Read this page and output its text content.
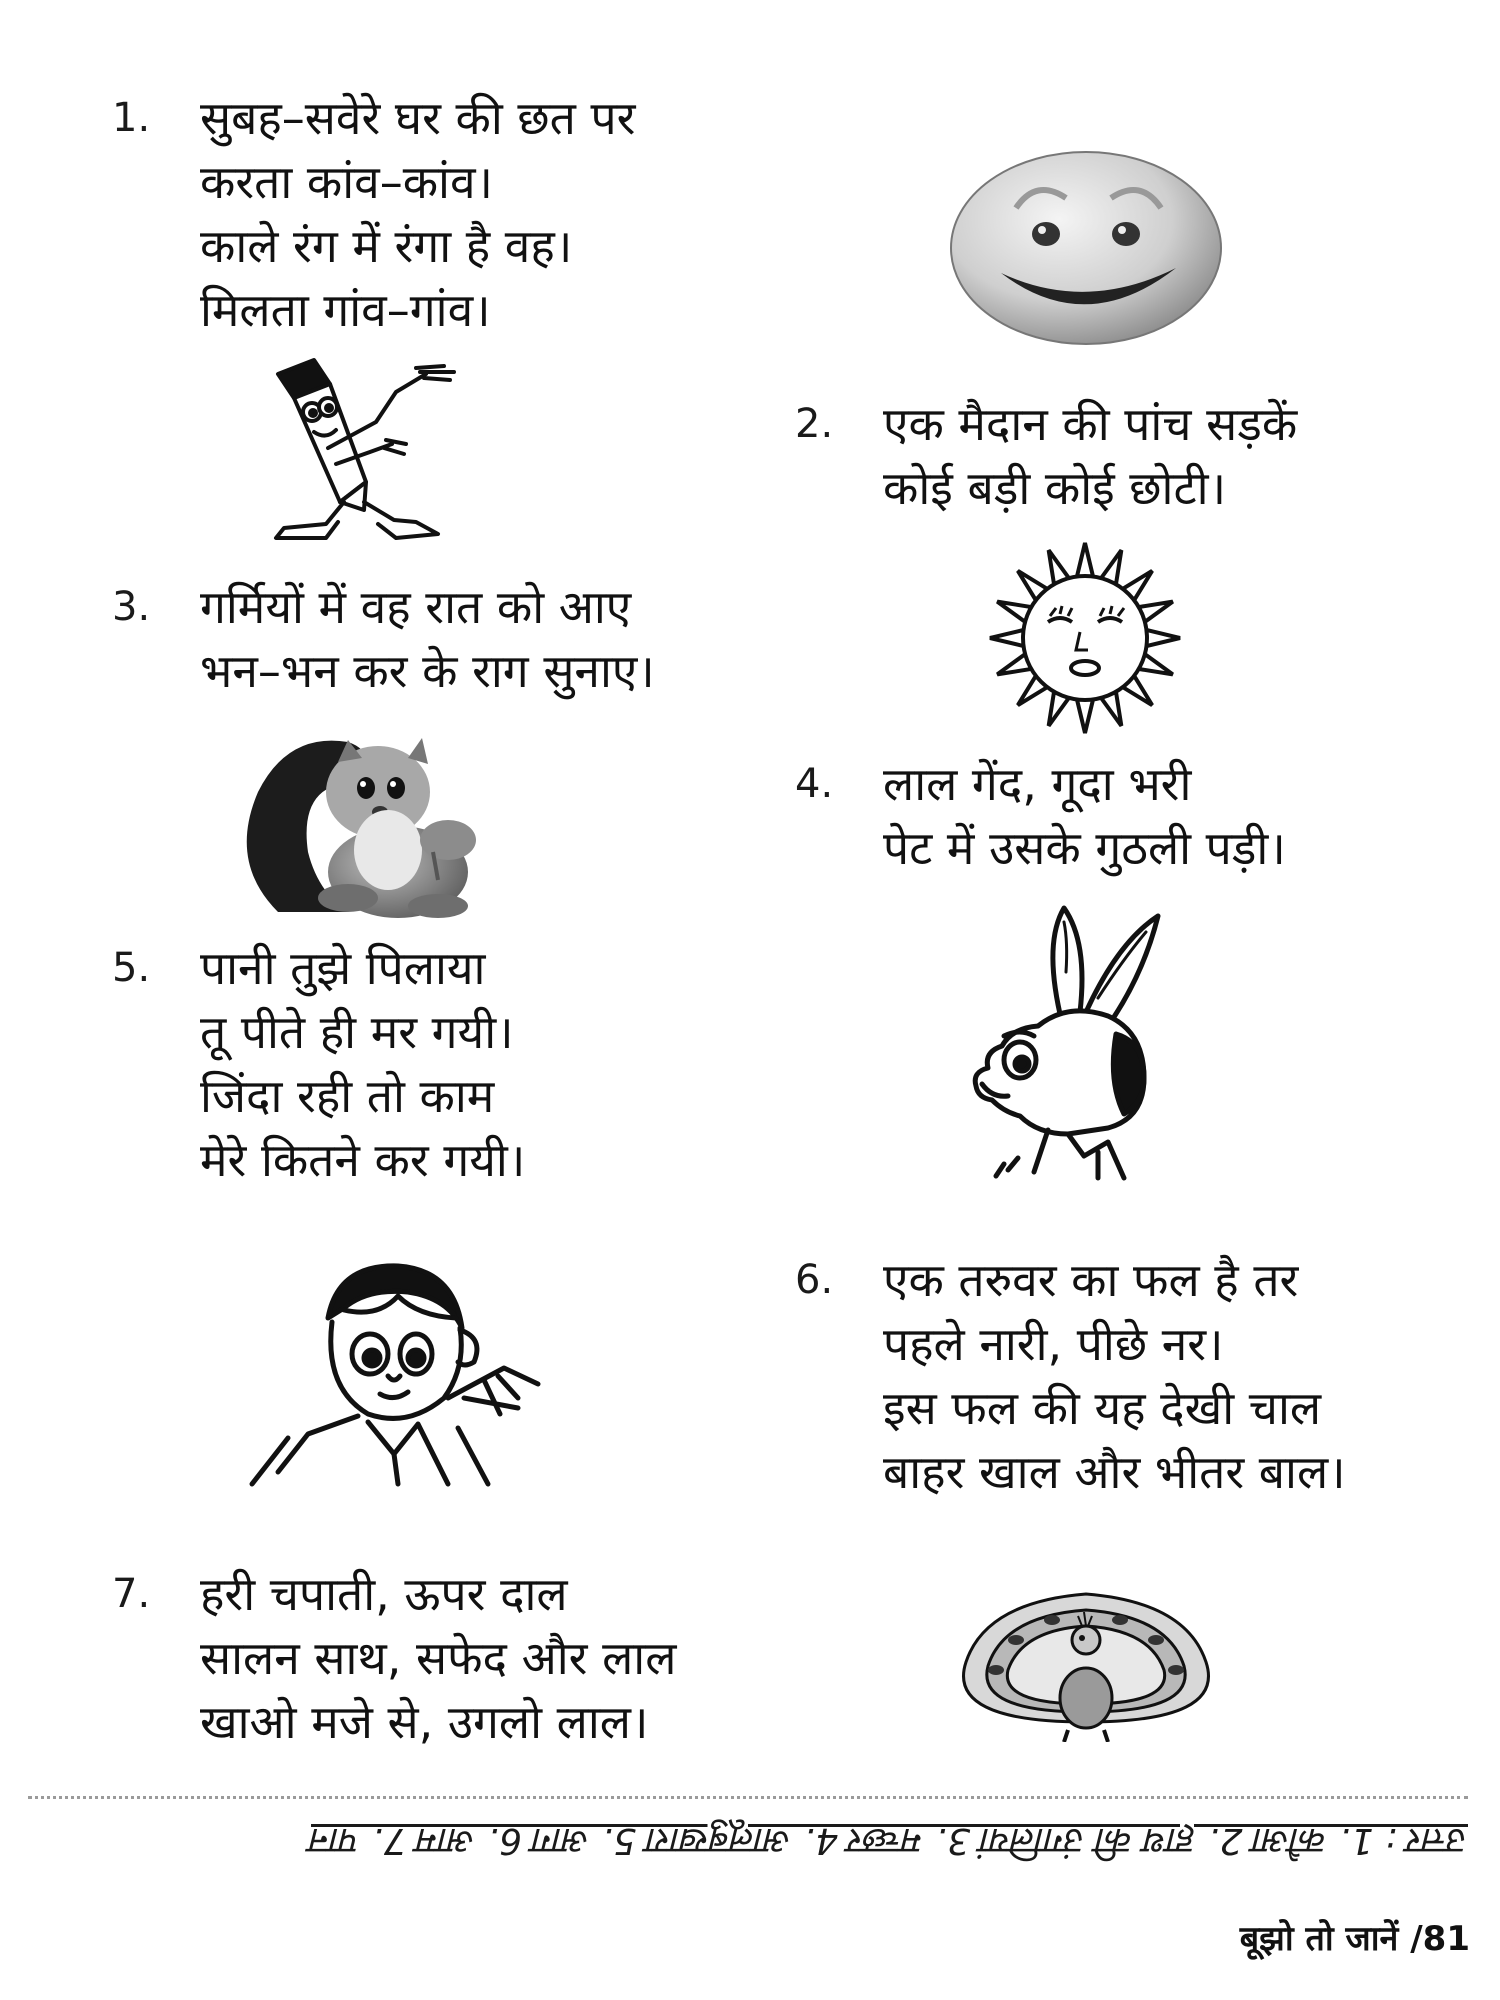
1. सुबह–सवेरे घर की छत पर
करता कांव–कांव।
काले रंग में रंगा है वह।
मिलता गांव–गांव।
2. एक मैदान की पांच सड़कें
कोई बड़ी कोई छोटी।
3. गर्मियों में वह रात को आए
भन–भन कर के राग सुनाए।
4. लाल गेंद, गूदा भरी
पेट में उसके गुठली पड़ी।
5. पानी तुझे पिलाया
तू पीते ही मर गयी।
जिंदा रही तो काम
मेरे कितने कर गयी।
6. एक तरुवर का फल है तर
पहले नारी, पीछे नर।
इस फल की यह देखी चाल
बाहर खाल और भीतर बाल।
7. हरी चपाती, ऊपर दाल
सालन साथ, सफेद और लाल
खाओ मजे से, उगलो लाल।
उत्तर : 1. कौआ 2. हाथ की उंगलियां 3. मच्छर 4. आलूबुखारा 5. आग 6. आम 7. पान
बूझो तो जानें /81
